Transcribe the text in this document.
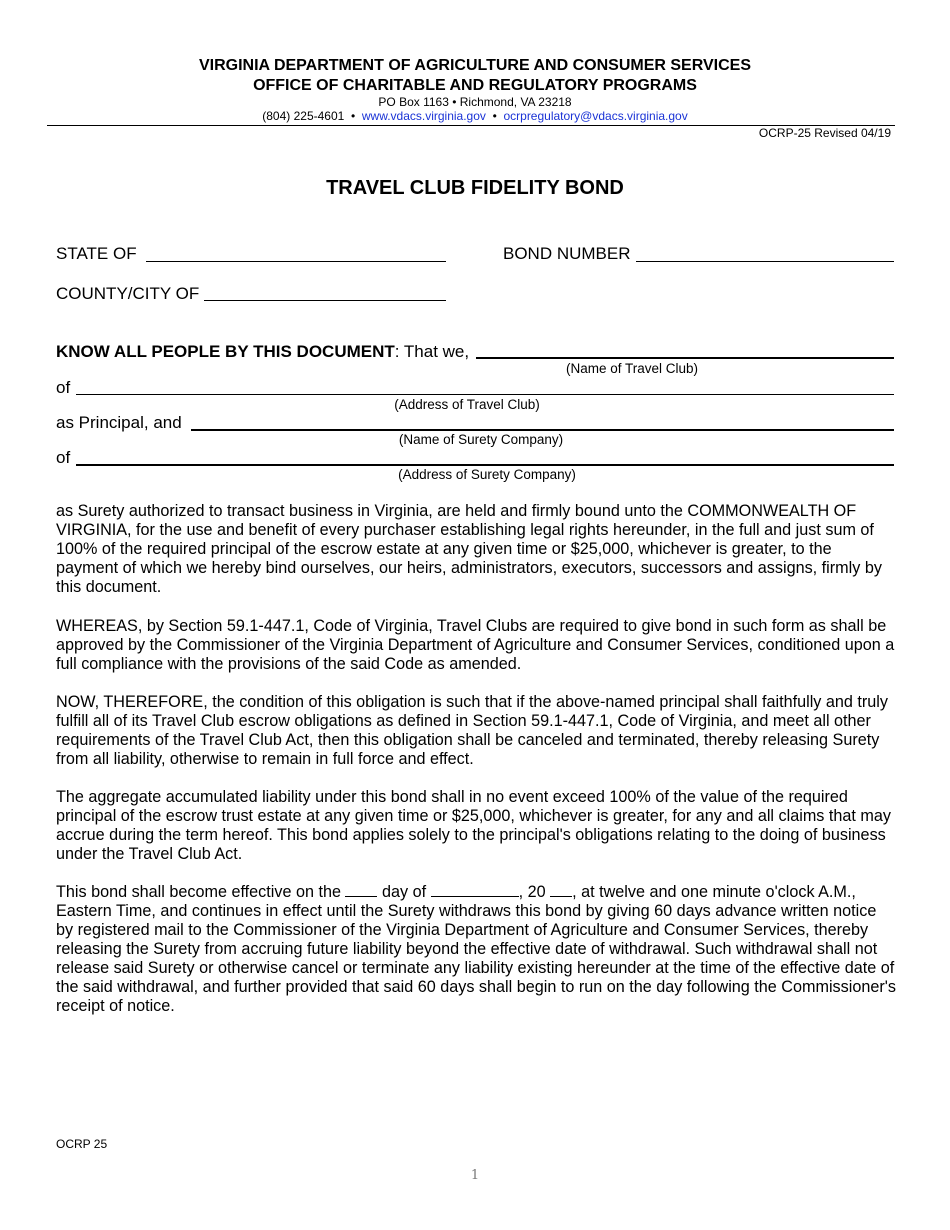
VIRGINIA DEPARTMENT OF AGRICULTURE AND CONSUMER SERVICES
OFFICE OF CHARITABLE AND REGULATORY PROGRAMS
PO Box 1163 • Richmond, VA 23218
(804) 225-4601 • www.vdacs.virginia.gov • ocrpregulatory@vdacs.virginia.gov
OCRP-25 Revised 04/19
TRAVEL CLUB FIDELITY BOND
STATE OF	BOND NUMBER
COUNTY/CITY OF
KNOW ALL PEOPLE BY THIS DOCUMENT: That we,
(Name of Travel Club)
of
(Address of Travel Club)
as Principal, and
(Name of Surety Company)
of
(Address of Surety Company)
as Surety authorized to transact business in Virginia, are held and firmly bound unto the COMMONWEALTH OF VIRGINIA, for the use and benefit of every purchaser establishing legal rights hereunder, in the full and just sum of 100% of the required principal of the escrow estate at any given time or $25,000, whichever is greater, to the payment of which we hereby bind ourselves, our heirs, administrators, executors, successors and assigns, firmly by this document.
WHEREAS, by Section 59.1-447.1, Code of Virginia, Travel Clubs are required to give bond in such form as shall be approved by the Commissioner of the Virginia Department of Agriculture and Consumer Services, conditioned upon a full compliance with the provisions of the said Code as amended.
NOW, THEREFORE, the condition of this obligation is such that if the above-named principal shall faithfully and truly fulfill all of its Travel Club escrow obligations as defined in Section 59.1-447.1, Code of Virginia, and meet all other requirements of the Travel Club Act, then this obligation shall be canceled and terminated, thereby releasing Surety from all liability, otherwise to remain in full force and effect.
The aggregate accumulated liability under this bond shall in no event exceed 100% of the value of the required principal of the escrow trust estate at any given time or $25,000, whichever is greater, for any and all claims that may accrue during the term hereof. This bond applies solely to the principal's obligations relating to the doing of business under the Travel Club Act.
This bond shall become effective on the	day of	, 20 , at twelve and one minute o'clock A.M., Eastern Time, and continues in effect until the Surety withdraws this bond by giving 60 days advance written notice by registered mail to the Commissioner of the Virginia Department of Agriculture and Consumer Services, thereby releasing the Surety from accruing future liability beyond the effective date of withdrawal. Such withdrawal shall not release said Surety or otherwise cancel or terminate any liability existing hereunder at the time of the effective date of the said withdrawal, and further provided that said 60 days shall begin to run on the day following the Commissioner's receipt of notice.
OCRP 25
1
